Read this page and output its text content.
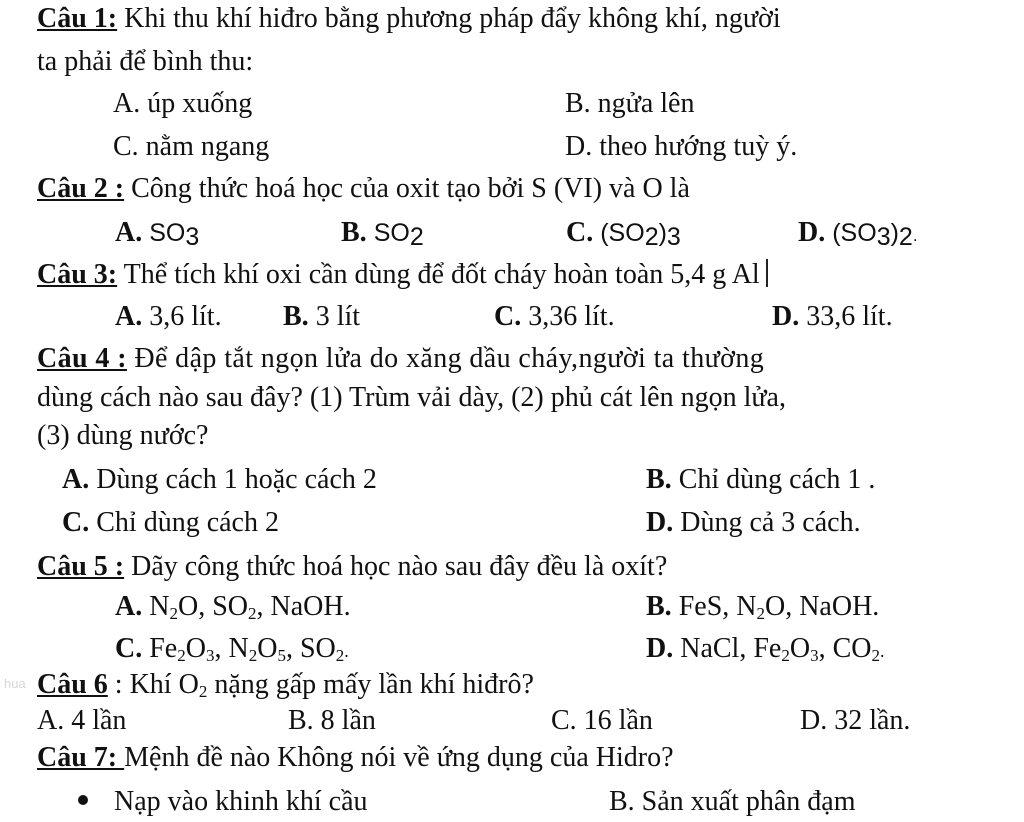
hua
Câu 1: Khi thu khí hiđro bằng phương pháp đẩy không khí, người
ta phải để bình thu:
A. úp xuống	B. ngửa lên
C. nằm ngang	D. theo hướng tuỳ ý.
Câu 2 : Công thức hoá học của oxit tạo bởi S (VI) và O là
A. $SO_3$	B. $SO_2$	C. $(SO_2)_3$	D. $(SO_3)_2$.
Câu 3: Thể tích khí oxi cần dùng để đốt cháy hoàn toàn 5,4 g Al
A. 3,6 lít. B. 3 lít	C. 3,36 lít.	D. 33,6 lít.
Câu 4 : Để dập tắt ngọn lửa do xăng dầu cháy,người ta thường
dùng cách nào sau đây? (1) Trùm vải dày, (2) phủ cát lên ngọn lửa,
(3) dùng nước?
A. Dùng cách 1 hoặc cách 2	B. Chỉ dùng cách 1 .
C. Chỉ dùng cách 2	D. Dùng cả 3 cách.
Câu 5 : Dãy công thức hoá học nào sau đây đều là oxít?
A. $N_2O$, $SO_2$, NaOH.	B. FeS, $N_2O$, NaOH.
C. $Fe_2O_3$, $N_2O_5$, $SO_2$.	D. NaCl, $Fe_2O_3$, $CO_2$.
Câu 6 : Khí $O_2$ nặng gấp mấy lần khí hiđrô?
A. 4 lần	B. 8 lần	C. 16 lần	D. 32 lần.
Câu 7: Mệnh đề nào Không nói về ứng dụng của Hidro?
Nạp vào khinh khí cầu	B. Sản xuất phân đạm
